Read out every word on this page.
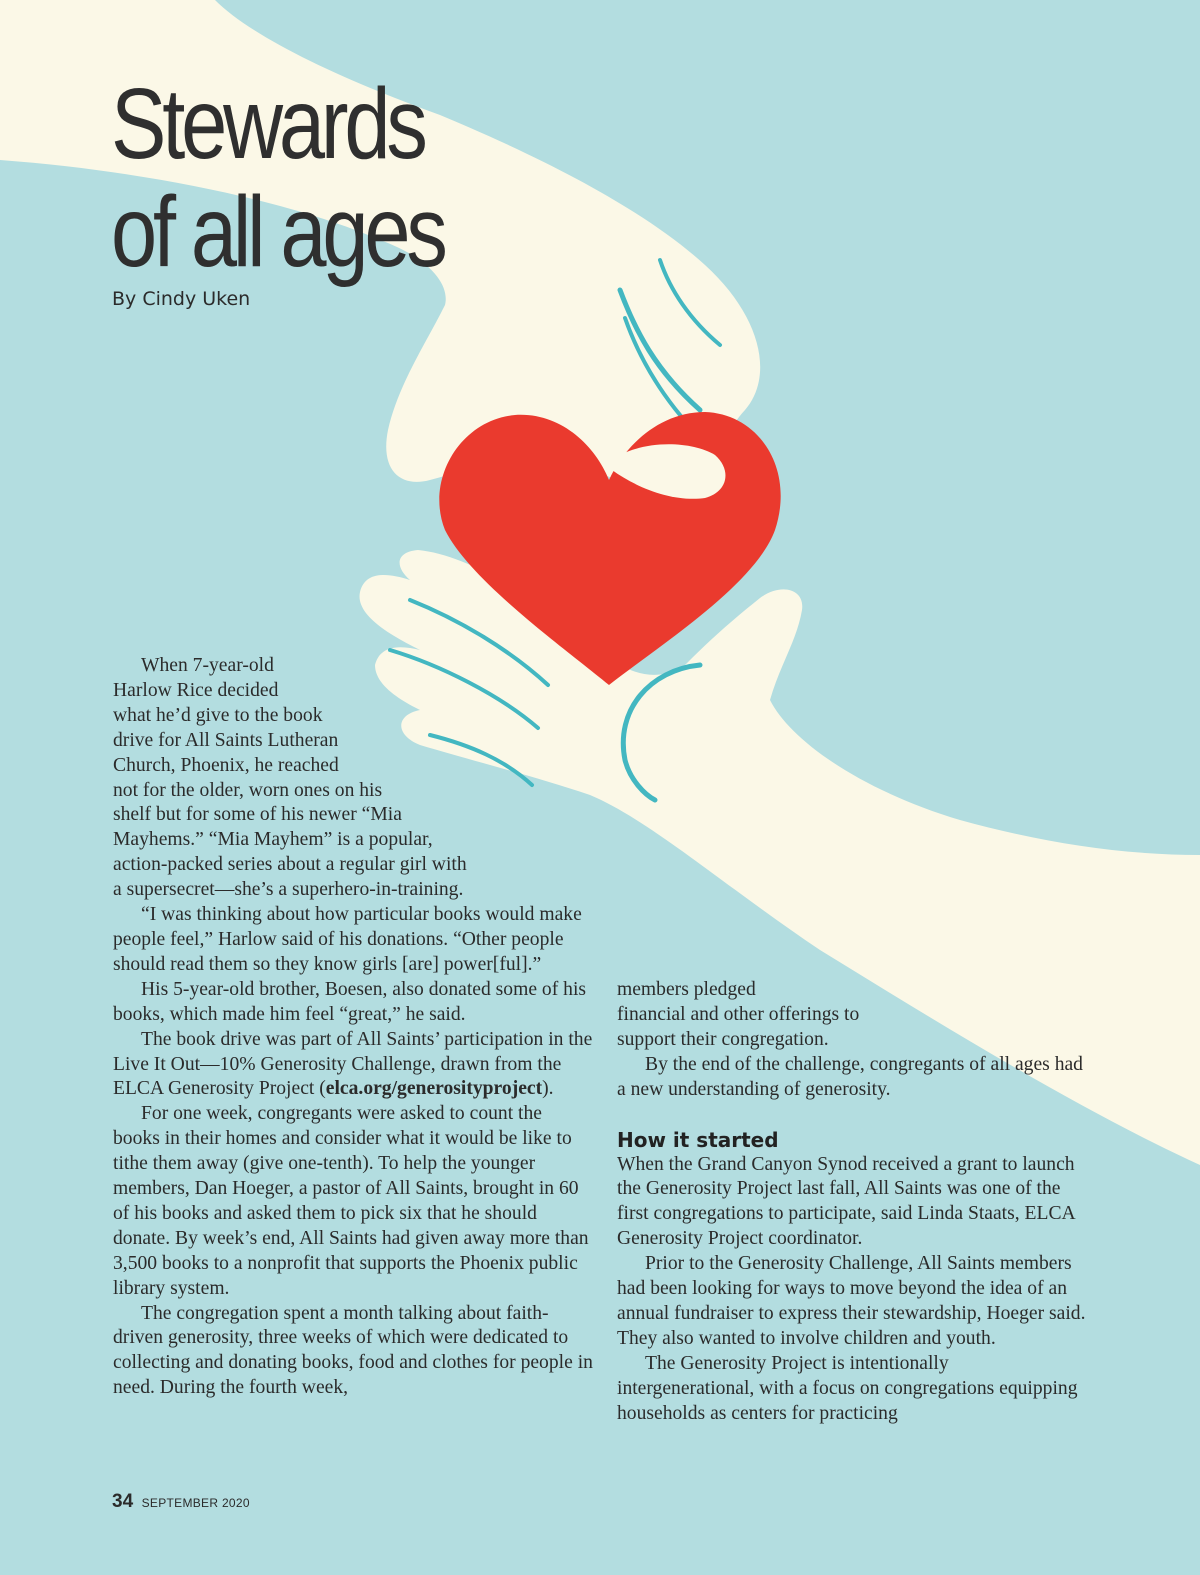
Stewards
of all ages
By Cindy Uken
When 7-year-old
Harlow Rice decided
what he’d give to the book
drive for All Saints Lutheran
Church, Phoenix, he reached
not for the older, worn ones on his
shelf but for some of his newer “Mia
Mayhems.” “Mia Mayhem” is a popular,
action-packed series about a regular girl with
a supersecret—she’s a superhero-in-training.

“I was thinking about how particular books would make people feel,” Harlow said of his donations. “Other people should read them so they know girls [are] power[ful].”

His 5-year-old brother, Boesen, also donated some of his books, which made him feel “great,” he said.

The book drive was part of All Saints’ participation in the Live It Out—10% Generosity Challenge, drawn from the ELCA Generosity Project (elca.org/generosityproject).

For one week, congregants were asked to count the books in their homes and consider what it would be like to tithe them away (give one-tenth). To help the younger members, Dan Hoeger, a pastor of All Saints, brought in 60 of his books and asked them to pick six that he should donate. By week’s end, All Saints had given away more than 3,500 books to a nonprofit that supports the Phoenix public library system.

The congregation spent a month talking about faith-driven generosity, three weeks of which were dedicated to collecting and donating books, food and clothes for people in need. During the fourth week,

members pledged
financial and other offerings to
support their congregation.

By the end of the challenge, congregants of all ages had a new understanding of generosity.

How it started

When the Grand Canyon Synod received a grant to launch the Generosity Project last fall, All Saints was one of the first congregations to participate, said Linda Staats, ELCA Generosity Project coordinator.

Prior to the Generosity Challenge, All Saints members had been looking for ways to move beyond the idea of an annual fundraiser to express their stewardship, Hoeger said. They also wanted to involve children and youth.

The Generosity Project is intentionally intergenerational, with a focus on congregations equipping households as centers for practicing

34 SEPTEMBER 2020
